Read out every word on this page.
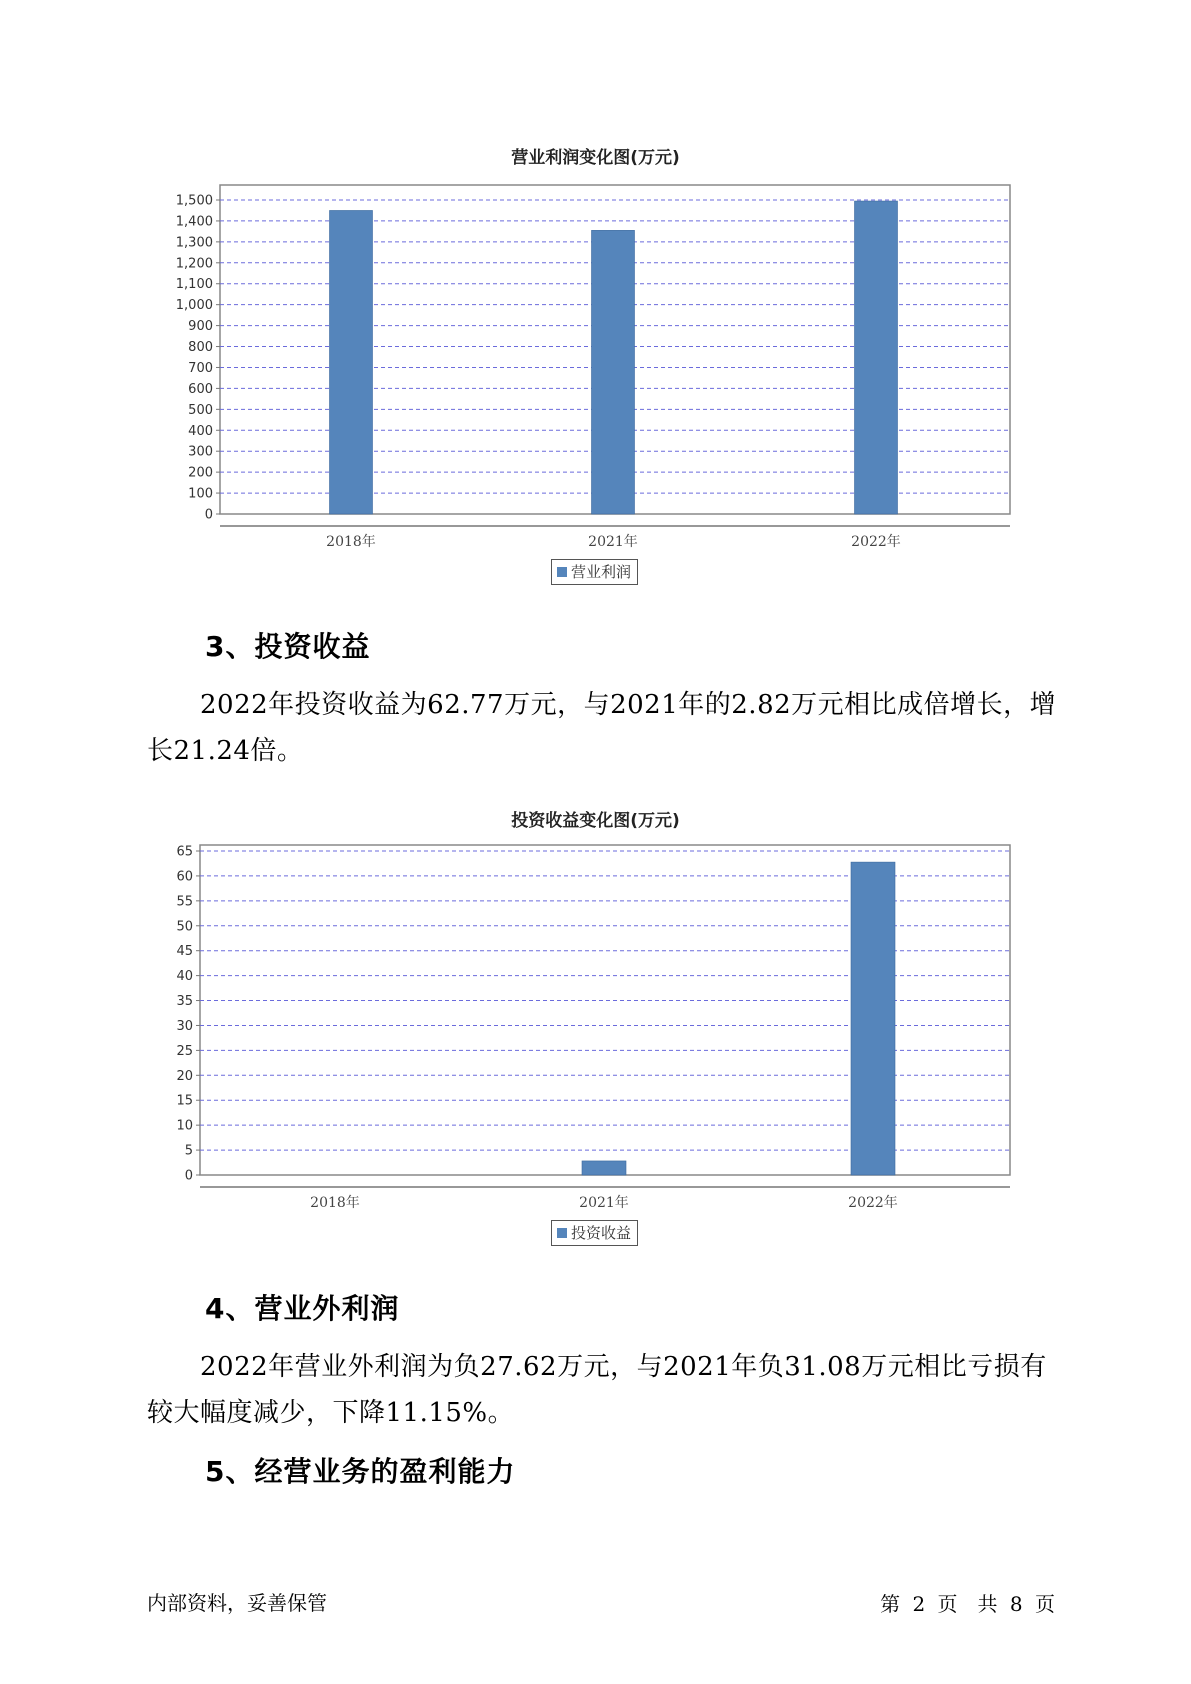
营业利润变化图(万元)
0
100
200
300
400
500
600
700
800
900
1,000
1,100
1,200
1,300
1,400
1,500
2018年	2021年	2022年
营业利润
3、投资收益

2022年投资收益为62.77万元，与2021年的2.82万元相比成倍增长，增长21.24倍。

投资收益变化图(万元)
0
5
10
15
20
25
30
35
40
45
50
55
60
65
2018年	2021年	2022年
投资收益
4、营业外利润

2022年营业外利润为负27.62万元，与2021年负31.08万元相比亏损有较大幅度减少，下降11.15%。

5、经营业务的盈利能力
内部资料，妥善保管	第 2 页　共 8 页
